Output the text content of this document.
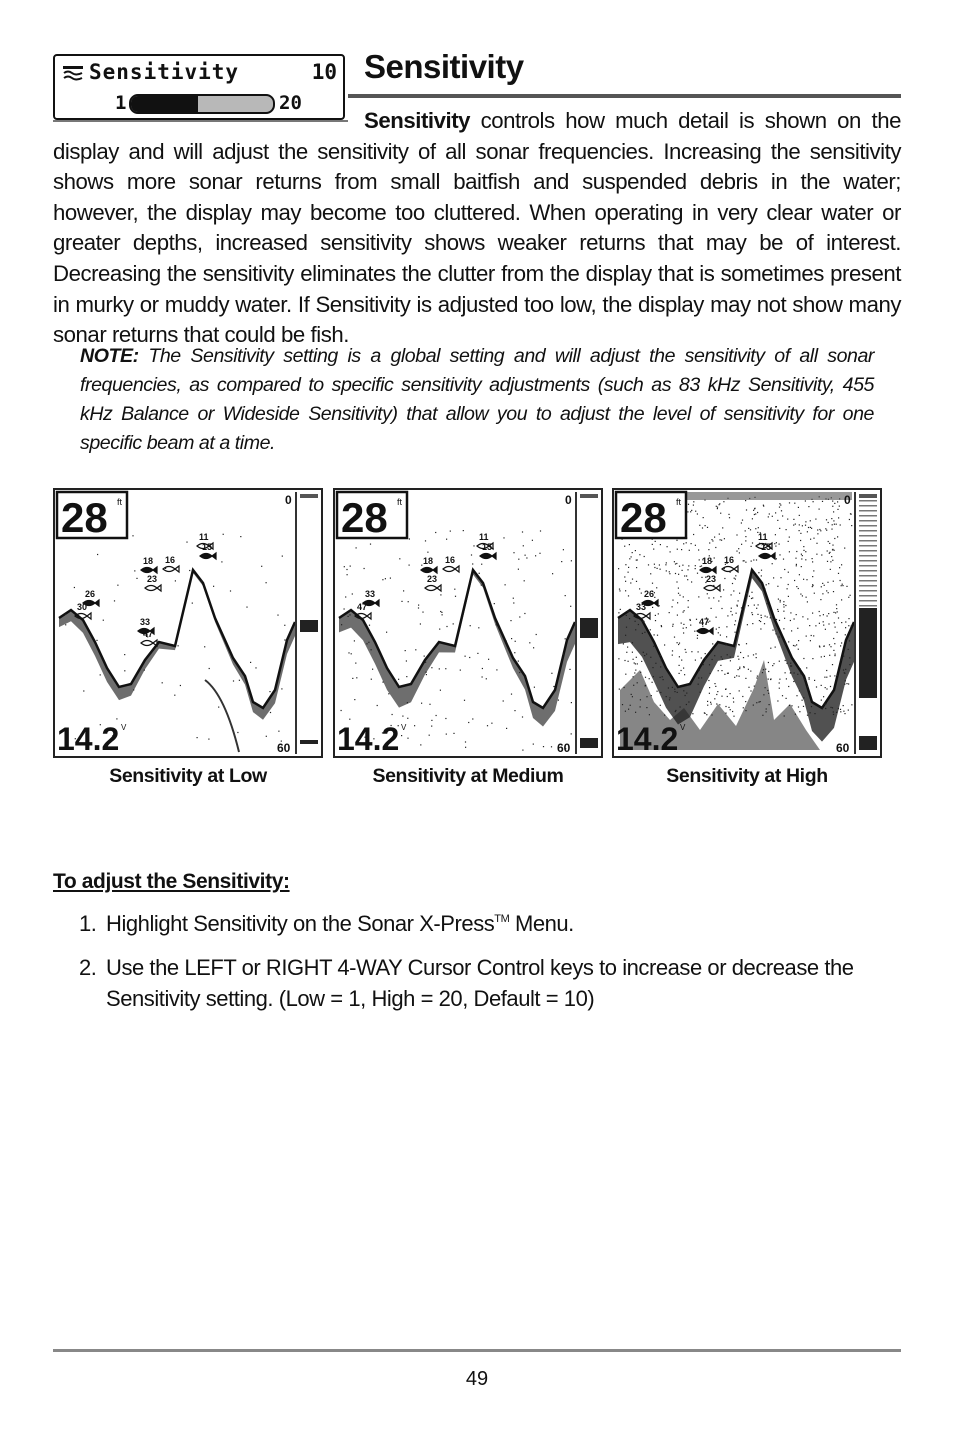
Sensitivity	10
1	20
Sensitivity

Sensitivity controls how much detail is shown on the display and will adjust the sensitivity of all sonar frequencies. Increasing the sensitivity shows more sonar returns from small baitfish and suspended debris in the water; however, the display may become too cluttered. When operating in very clear water or greater depths, increased sensitivity shows weaker returns that may be of interest. Decreasing the sensitivity eliminates the clutter from the display that is sometimes present in murky or muddy water. If Sensitivity is adjusted too low, the display may not show many sonar returns that could be fish.

NOTE: The Sensitivity setting is a global setting and will adjust the sensitivity of all sonar frequencies, as compared to specific sensitivity adjustments (such as 83 kHz Sensitivity, 455 kHz Balance or Wideside Sensitivity) that allow you to adjust the level of sensitivity for one specific beam at a time.

28 ft
14.2 V
0
60
11
15
16
18
23
26
30
33
47
Sensitivity at Low
28 ft
14.2 V
0
60
11
15
16
18
23
33
47
Sensitivity at Medium
28 ft
14.2 V
0
60
11
15
16
18
23
26
33
47
Sensitivity at High
To adjust the Sensitivity:
1. Highlight Sensitivity on the Sonar X-Press™ Menu.
2. Use the LEFT or RIGHT 4-WAY Cursor Control keys to increase or decrease the Sensitivity setting. (Low = 1, High = 20, Default = 10)
49
